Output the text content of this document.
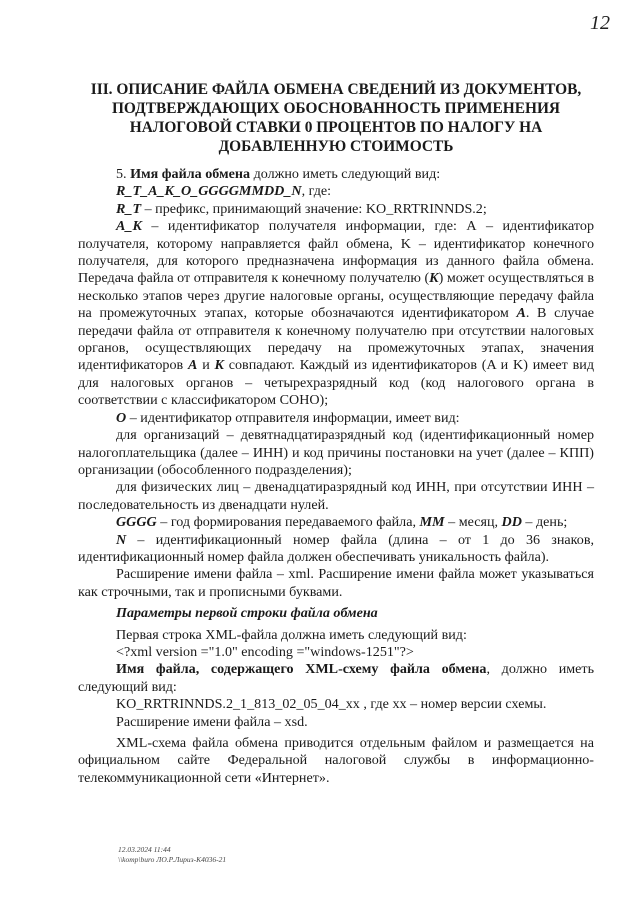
12
III. ОПИСАНИЕ ФАЙЛА ОБМЕНА СВЕДЕНИЙ ИЗ ДОКУМЕНТОВ,
ПОДТВЕРЖДАЮЩИХ ОБОСНОВАННОСТЬ ПРИМЕНЕНИЯ
НАЛОГОВОЙ СТАВКИ 0 ПРОЦЕНТОВ ПО НАЛОГУ НА
ДОБАВЛЕННУЮ СТОИМОСТЬ

5. Имя файла обмена должно иметь следующий вид:

R_T_A_K_O_GGGGMMDD_N, где:

R_T – префикс, принимающий значение: KO_RRTRINNDS.2;

A_K – идентификатор получателя информации, где: А – идентификатор получателя, которому направляется файл обмена, K – идентификатор конечного получателя, для которого предназначена информация из данного файла обмена. Передача файла от отправителя к конечному получателю (K) может осуществляться в несколько этапов через другие налоговые органы, осуществляющие передачу файла на промежуточных этапах, которые обозначаются идентификатором А. В случае передачи файла от отправителя к конечному получателю при отсутствии налоговых органов, осуществляющих передачу на промежуточных этапах, значения идентификаторов А и K совпадают. Каждый из идентификаторов (A и K) имеет вид для налоговых органов – четырехразрядный код (код налогового органа в соответствии с классификатором СОНО);

O – идентификатор отправителя информации, имеет вид:

для организаций – девятнадцатиразрядный код (идентификационный номер налогоплательщика (далее – ИНН) и код причины постановки на учет (далее – КПП) организации (обособленного подразделения);

для физических лиц – двенадцатиразрядный код ИНН, при отсутствии ИНН – последовательность из двенадцати нулей.

GGGG – год формирования передаваемого файла, MM – месяц, DD – день;

N – идентификационный номер файла (длина – от 1 до 36 знаков, идентификационный номер файла должен обеспечивать уникальность файла).

Расширение имени файла – xml. Расширение имени файла может указываться как строчными, так и прописными буквами.

Параметры первой строки файла обмена

Первая строка XML-файла должна иметь следующий вид:

<?xml version ="1.0" encoding ="windows-1251"?>

Имя файла, содержащего XML-схему файла обмена, должно иметь следующий вид:

KO_RRTRINNDS.2_1_813_02_05_04_xx , где хх – номер версии схемы.

Расширение имени файла – xsd.

XML-схема файла обмена приводится отдельным файлом и размещается на официальном сайте Федеральной налоговой службы в информационно-телекоммуникационной сети «Интернет».

12.03.2024 11:44
\\komp\buro ЛО.Р.Лириз-К4036-21
